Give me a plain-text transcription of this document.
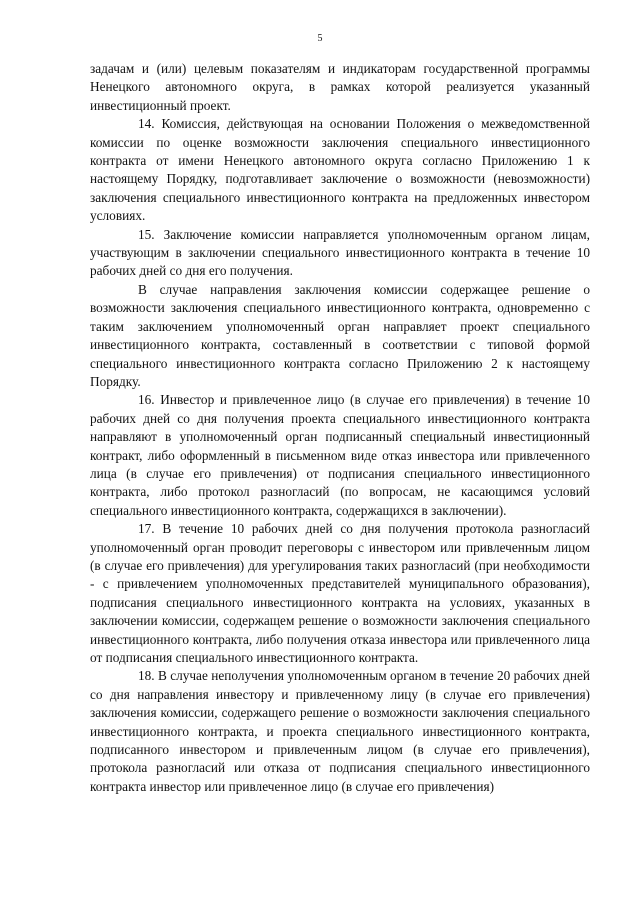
5

задачам и (или) целевым показателям и индикаторам государственной программы Ненецкого автономного округа, в рамках которой реализуется указанный инвестиционный проект.

14. Комиссия, действующая на основании Положения о межведомственной комиссии по оценке возможности заключения специального инвестиционного контракта от имени Ненецкого автономного округа согласно Приложению 1 к настоящему Порядку, подготавливает заключение о возможности (невозможности) заключения специального инвестиционного контракта на предложенных инвестором условиях.

15. Заключение комиссии направляется уполномоченным органом лицам, участвующим в заключении специального инвестиционного контракта в течение 10 рабочих дней со дня его получения.

В случае направления заключения комиссии содержащее решение о возможности заключения специального инвестиционного контракта, одновременно с таким заключением уполномоченный орган направляет проект специального инвестиционного контракта, составленный в соответствии с типовой формой специального инвестиционного контракта согласно Приложению 2 к настоящему Порядку.

16. Инвестор и привлеченное лицо (в случае его привлечения) в течение 10 рабочих дней со дня получения проекта специального инвестиционного контракта направляют в уполномоченный орган подписанный специальный инвестиционный контракт, либо оформленный в письменном виде отказ инвестора или привлеченного лица (в случае его привлечения) от подписания специального инвестиционного контракта, либо протокол разногласий (по вопросам, не касающимся условий специального инвестиционного контракта, содержащихся в заключении).

17. В течение 10 рабочих дней со дня получения протокола разногласий уполномоченный орган проводит переговоры с инвестором или привлеченным лицом (в случае его привлечения) для урегулирования таких разногласий (при необходимости - с привлечением уполномоченных представителей муниципального образования), подписания специального инвестиционного контракта на условиях, указанных в заключении комиссии, содержащем решение о возможности заключения специального инвестиционного контракта, либо получения отказа инвестора или привлеченного лица от подписания специального инвестиционного контракта.

18. В случае неполучения уполномоченным органом в течение 20 рабочих дней со дня направления инвестору и привлеченному лицу (в случае его привлечения) заключения комиссии, содержащего решение о возможности заключения специального инвестиционного контракта, и проекта специального инвестиционного контракта, подписанного инвестором и привлеченным лицом (в случае его привлечения), протокола разногласий или отказа от подписания специального инвестиционного контракта инвестор или привлеченное лицо (в случае его привлечения)
